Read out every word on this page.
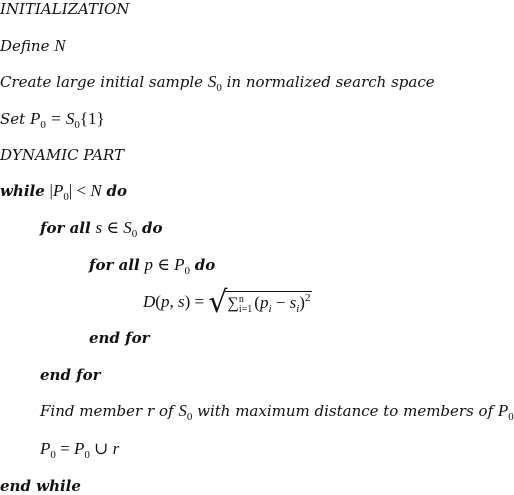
INITIALIZATION
Define N
Create large initial sample $S_0$ in normalized search space
Set $P_0 = S_0\{1\}$
DYNAMIC PART
while $|P_0| < N$ do
for all s ∈ $S_0$ do
for all p ∈ $P_0$ do
D(p, s) = √∑ n
i=1 $(p_i - s_i)^2$
end for
end for
Find member r of $S_0$ with maximum distance to members of $P_0$
$P_0 = P_0$ ∪ r
end while
